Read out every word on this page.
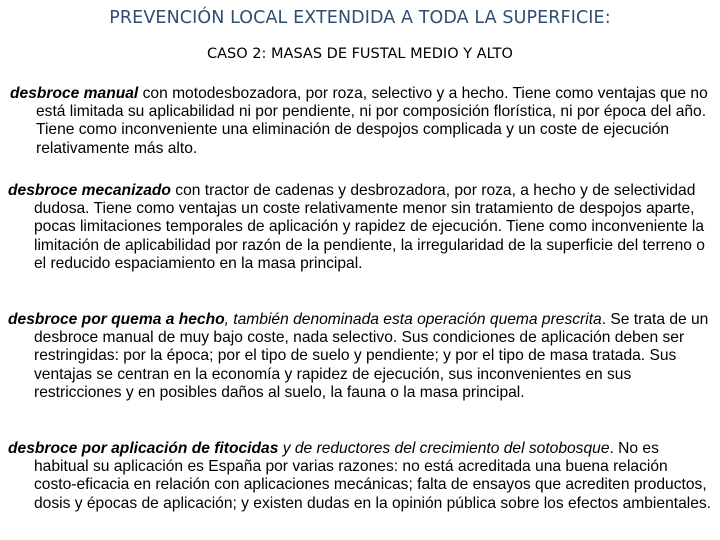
PREVENCIÓN LOCAL EXTENDIDA A TODA LA SUPERFICIE:
CASO 2: MASAS DE FUSTAL MEDIO Y ALTO
desbroce manual con motodesbozadora, por roza, selectivo y a hecho. Tiene como ventajas que no está limitada su aplicabilidad ni por pendiente, ni por composición florística, ni por época del año. Tiene como inconveniente una eliminación de despojos complicada y un coste de ejecución relativamente más alto.
desbroce mecanizado con tractor de cadenas y desbrozadora, por roza, a hecho y de selectividad dudosa. Tiene como ventajas un coste relativamente menor sin tratamiento de despojos aparte, pocas limitaciones temporales de aplicación y rapidez de ejecución. Tiene como inconveniente la limitación de aplicabilidad por razón de la pendiente, la irregularidad de la superficie del terreno o el reducido espaciamiento en la masa principal.
desbroce por quema a hecho, también denominada esta operación quema prescrita. Se trata de un desbroce manual de muy bajo coste, nada selectivo. Sus condiciones de aplicación deben ser restringidas: por la época; por el tipo de suelo y pendiente; y por el tipo de masa tratada. Sus ventajas se centran en la economía y rapidez de ejecución, sus inconvenientes en sus restricciones y en posibles daños al suelo, la fauna o la masa principal.
desbroce por aplicación de fitocidas y de reductores del crecimiento del sotobosque. No es habitual su aplicación es España por varias razones: no está acreditada una buena relación costo-eficacia en relación con aplicaciones mecánicas; falta de ensayos que acrediten productos, dosis y épocas de aplicación; y existen dudas en la opinión pública sobre los efectos ambientales.
